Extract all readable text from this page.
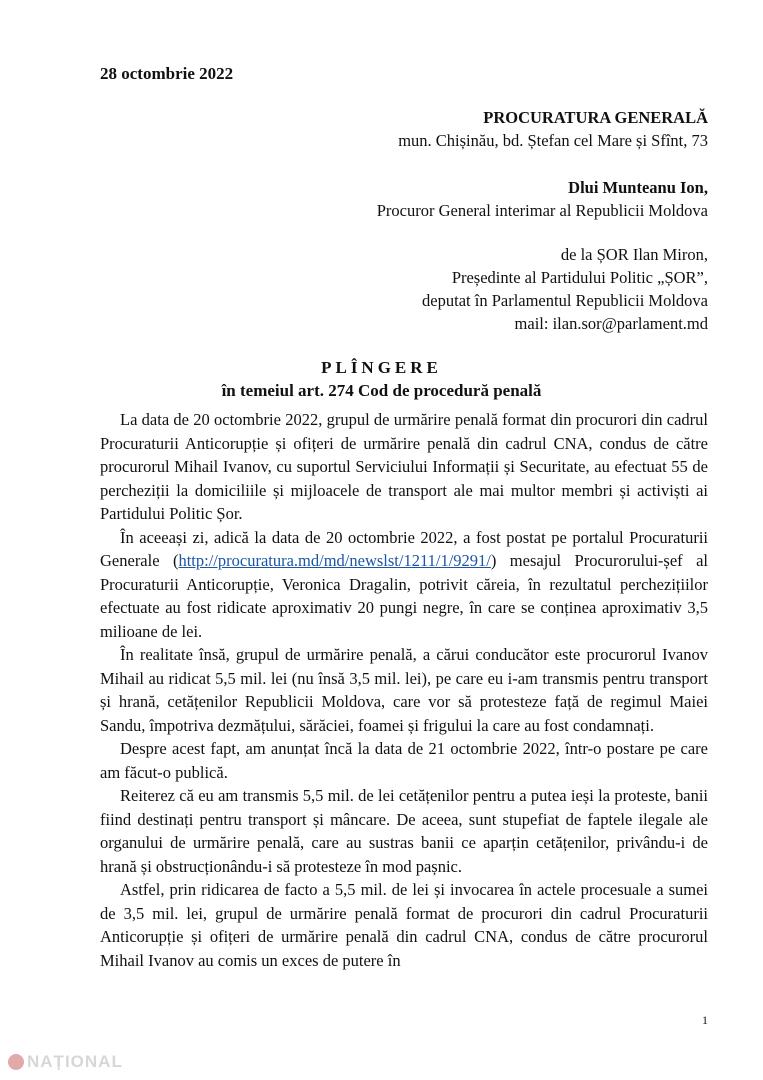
28 octombrie 2022
PROCURATURA GENERALĂ
mun. Chișinău, bd. Ștefan cel Mare și Sfînt, 73
Dlui Munteanu Ion,
Procuror General interimar al Republicii Moldova
de la ȘOR Ilan Miron,
Președinte al Partidului Politic „ȘOR”,
deputat în Parlamentul Republicii Moldova
mail: ilan.sor@parlament.md
PLÎNGERE
în temeiul art. 274 Cod de procedură penală

La data de 20 octombrie 2022, grupul de urmărire penală format din procurori din cadrul Procuraturii Anticorupție și ofițeri de urmărire penală din cadrul CNA, condus de către procurorul Mihail Ivanov, cu suportul Serviciului Informații și Securitate, au efectuat 55 de percheziții la domiciliile și mijloacele de transport ale mai multor membri și activiști ai Partidului Politic Șor.

În aceeași zi, adică la data de 20 octombrie 2022, a fost postat pe portalul Procuraturii Generale (http://procuratura.md/md/newslst/1211/1/9291/) mesajul Procurorului-șef al Procuraturii Anticorupție, Veronica Dragalin, potrivit căreia, în rezultatul perchezițiilor efectuate au fost ridicate aproximativ 20 pungi negre, în care se conținea aproximativ 3,5 milioane de lei.

În realitate însă, grupul de urmărire penală, a cărui conducător este procurorul Ivanov Mihail au ridicat 5,5 mil. lei (nu însă 3,5 mil. lei), pe care eu i-am transmis pentru transport și hrană, cetățenilor Republicii Moldova, care vor să protesteze față de regimul Maiei Sandu, împotriva dezmățului, sărăciei, foamei și frigului la care au fost condamnați.

Despre acest fapt, am anunțat încă la data de 21 octombrie 2022, într-o postare pe care am făcut-o publică.

Reiterez că eu am transmis 5,5 mil. de lei cetățenilor pentru a putea ieși la proteste, banii fiind destinați pentru transport și mâncare. De aceea, sunt stupefiat de faptele ilegale ale organului de urmărire penală, care au sustras banii ce aparțin cetățenilor, privându-i de hrană și obstrucționându-i să protesteze în mod pașnic.

Astfel, prin ridicarea de facto a 5,5 mil. de lei și invocarea în actele procesuale a sumei de 3,5 mil. lei, grupul de urmărire penală format de procurori din cadrul Procuraturii Anticorupție și ofițeri de urmărire penală din cadrul CNA, condus de către procurorul Mihail Ivanov au comis un exces de putere în

1
NAȚIONAL
